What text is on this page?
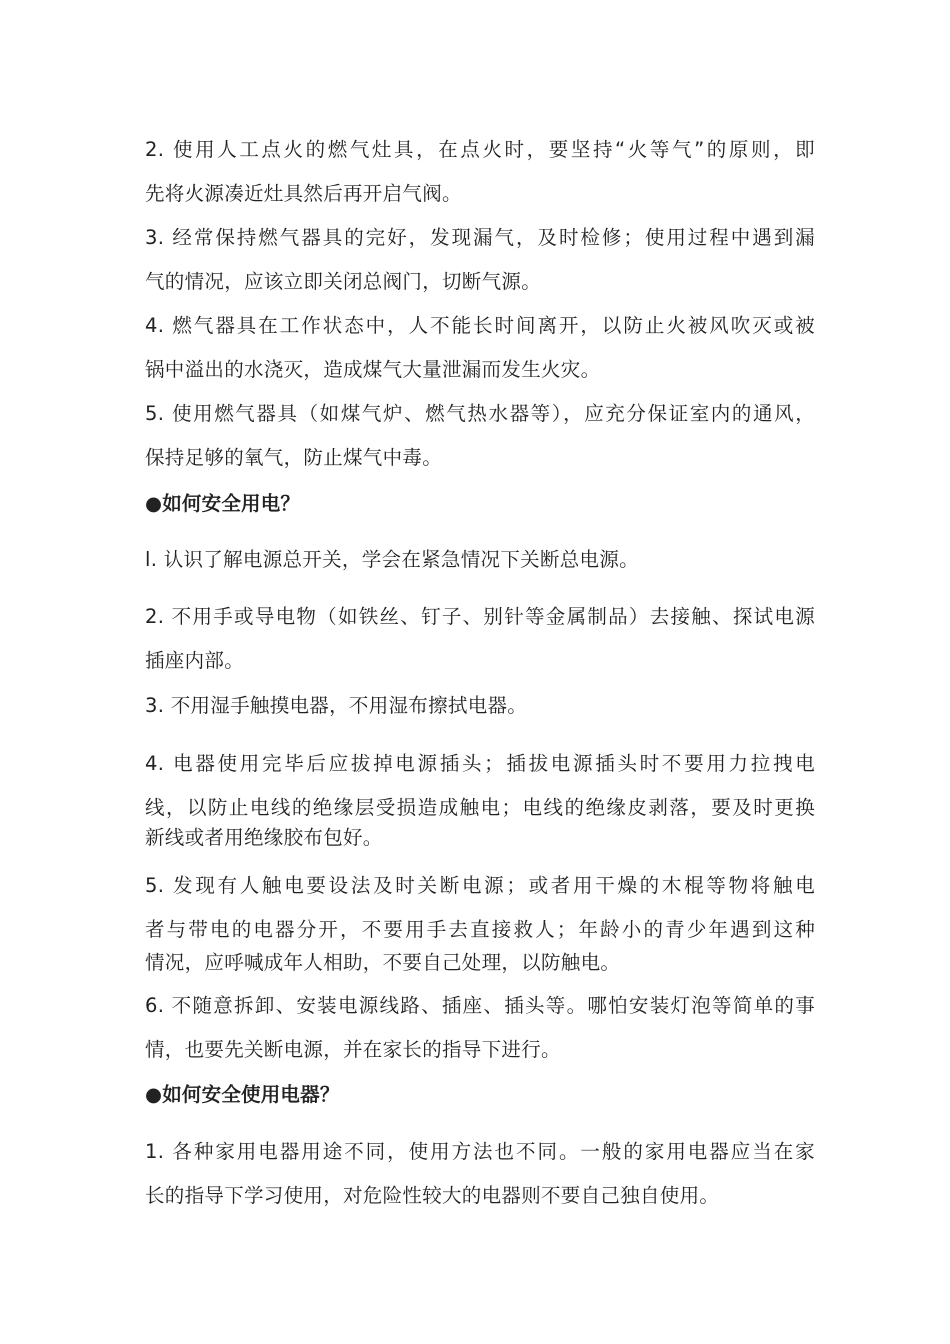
2. 使用人工点火的燃气灶具，在点火时，要坚持“火等气”的原则，即
先将火源凑近灶具然后再开启气阀。
3. 经常保持燃气器具的完好，发现漏气，及时检修；使用过程中遇到漏
气的情况，应该立即关闭总阀门，切断气源。
4. 燃气器具在工作状态中，人不能长时间离开，以防止火被风吹灭或被
锅中溢出的水浇灭，造成煤气大量泄漏而发生火灾。
5. 使用燃气器具（如煤气炉、燃气热水器等），应充分保证室内的通风，
保持足够的氧气，防止煤气中毒。
●如何安全用电？
l. 认识了解电源总开关，学会在紧急情况下关断总电源。
2. 不用手或导电物（如铁丝、钉子、别针等金属制品）去接触、探试电源
插座内部。
3. 不用湿手触摸电器，不用湿布擦拭电器。
4. 电器使用完毕后应拔掉电源插头；插拔电源插头时不要用力拉拽电
线，以防止电线的绝缘层受损造成触电；电线的绝缘皮剥落，要及时更换
新线或者用绝缘胶布包好。
5. 发现有人触电要设法及时关断电源；或者用干燥的木棍等物将触电
者与带电的电器分开，不要用手去直接救人；年龄小的青少年遇到这种
情况，应呼喊成年人相助，不要自己处理，以防触电。
6. 不随意拆卸、安装电源线路、插座、插头等。哪怕安装灯泡等简单的事
情，也要先关断电源，并在家长的指导下进行。
●如何安全使用电器？
1. 各种家用电器用途不同，使用方法也不同。一般的家用电器应当在家
长的指导下学习使用，对危险性较大的电器则不要自己独自使用。
